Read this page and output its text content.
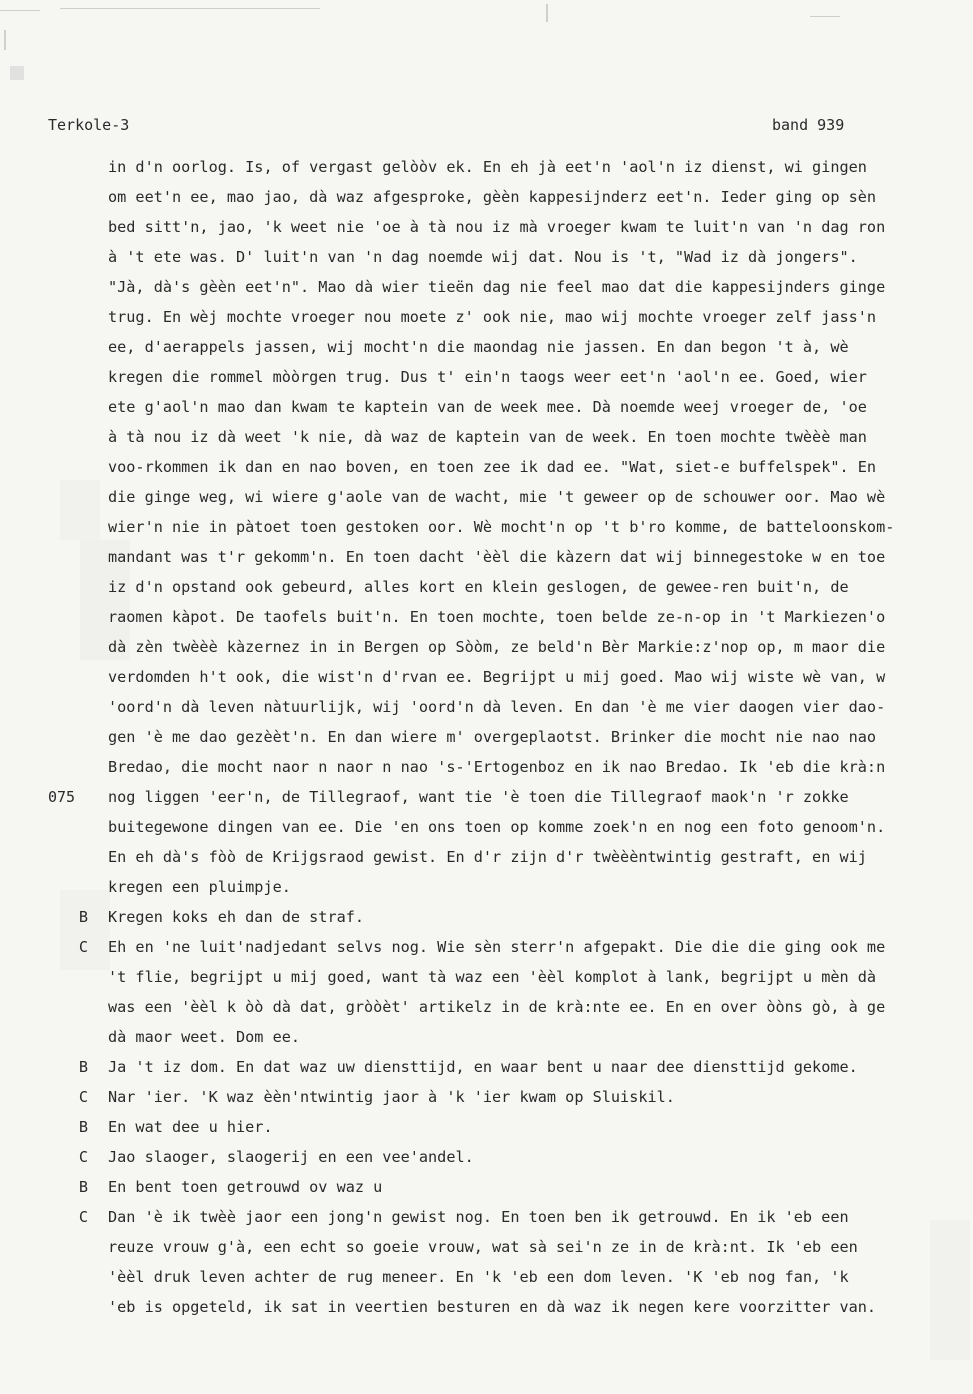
Terkole-3	band 939
in d'n oorlog. Is, of vergast gelòòv ek. En eh jà eet'n 'aol'n iz dienst, wi gingen
om eet'n ee, mao jao, dà waz afgesproke, gèèn kappesijnderz eet'n. Ieder ging op sèn
bed sitt'n, jao, 'k weet nie 'oe à tà nou iz mà vroeger kwam te luit'n van 'n dag ron
à 't ete was. D' luit'n van 'n dag noemde wij dat. Nou is 't, "Wad iz dà jongers".
"Jà, dà's gèèn eet'n". Mao dà wier tieën dag nie feel mao dat die kappesijnders ginge
trug. En wèj mochte vroeger nou moete z' ook nie, mao wij mochte vroeger zelf jass'n
ee, d'aerappels jassen, wij mocht'n die maondag nie jassen. En dan begon 't à, wè
kregen die rommel mòòrgen trug. Dus t' ein'n taogs weer eet'n 'aol'n ee. Goed, wier
ete g'aol'n mao dan kwam te kaptein van de week mee. Dà noemde weej vroeger de, 'oe
à tà nou iz dà weet 'k nie, dà waz de kaptein van de week. En toen mochte twèèè man
voo-rkommen ik dan en nao boven, en toen zee ik dad ee. "Wat, siet-e buffelspek". En
die ginge weg, wi wiere g'aole van de wacht, mie 't geweer op de schouwer oor. Mao wè
wier'n nie in pàtoet toen gestoken oor. Wè mocht'n op 't b'ro komme, de batteloonskom-
mandant was t'r gekomm'n. En toen dacht 'èèl die kàzern dat wij binnegestoke w en toe
iz d'n opstand ook gebeurd, alles kort en klein geslogen, de gewee-ren buit'n, de
raomen kàpot. De taofels buit'n. En toen mochte, toen belde ze-n-op in 't Markiezen'o
dà zèn twèèè kàzernez in in Bergen op Sòòm, ze beld'n Bèr Markie:z'nop op, m maor die
verdomden h't ook, die wist'n d'rvan ee. Begrijpt u mij goed. Mao wij wiste wè van, w
'oord'n dà leven nàtuurlijk, wij 'oord'n dà leven. En dan 'è me vier daogen vier dao-
gen 'è me dao gezèèt'n. En dan wiere m' overgeplaotst. Brinker die mocht nie nao nao
Bredao, die mocht naor n naor n nao 's-'Ertogenboz en ik nao Bredao. Ik 'eb die krà:n
075 nog liggen 'eer'n, de Tillegraof, want tie 'è toen die Tillegraof maok'n 'r zokke
buitegewone dingen van ee. Die 'en ons toen op komme zoek'n en nog een foto genoom'n.
En eh dà's fòò de Krijgsraod gewist. En d'r zijn d'r twèèèntwintig gestraft, en wij
kregen een pluimpje.
B Kregen koks eh dan de straf.
C Eh en 'ne luit'nadjedant selvs nog. Wie sèn sterr'n afgepakt. Die die die ging ook me
't flie, begrijpt u mij goed, want tà waz een 'èèl komplot à lank, begrijpt u mèn dà
was een 'èèl k òò dà dat, gròòèt' artikelz in de krà:nte ee. En en over òòns gò, à ge
dà maor weet. Dom ee.
B Ja 't iz dom. En dat waz uw diensttijd, en waar bent u naar dee diensttijd gekome.
C Nar 'ier. 'K waz èèn'ntwintig jaor à 'k 'ier kwam op Sluiskil.
B En wat dee u hier.
C Jao slaoger, slaogerij en een vee'andel.
B En bent toen getrouwd ov waz u
C Dan 'è ik twèè jaor een jong'n gewist nog. En toen ben ik getrouwd. En ik 'eb een
reuze vrouw g'à, een echt so goeie vrouw, wat sà sei'n ze in de krà:nt. Ik 'eb een
'èèl druk leven achter de rug meneer. En 'k 'eb een dom leven. 'K 'eb nog fan, 'k
'eb is opgeteld, ik sat in veertien besturen en dà waz ik negen kere voorzitter van.
